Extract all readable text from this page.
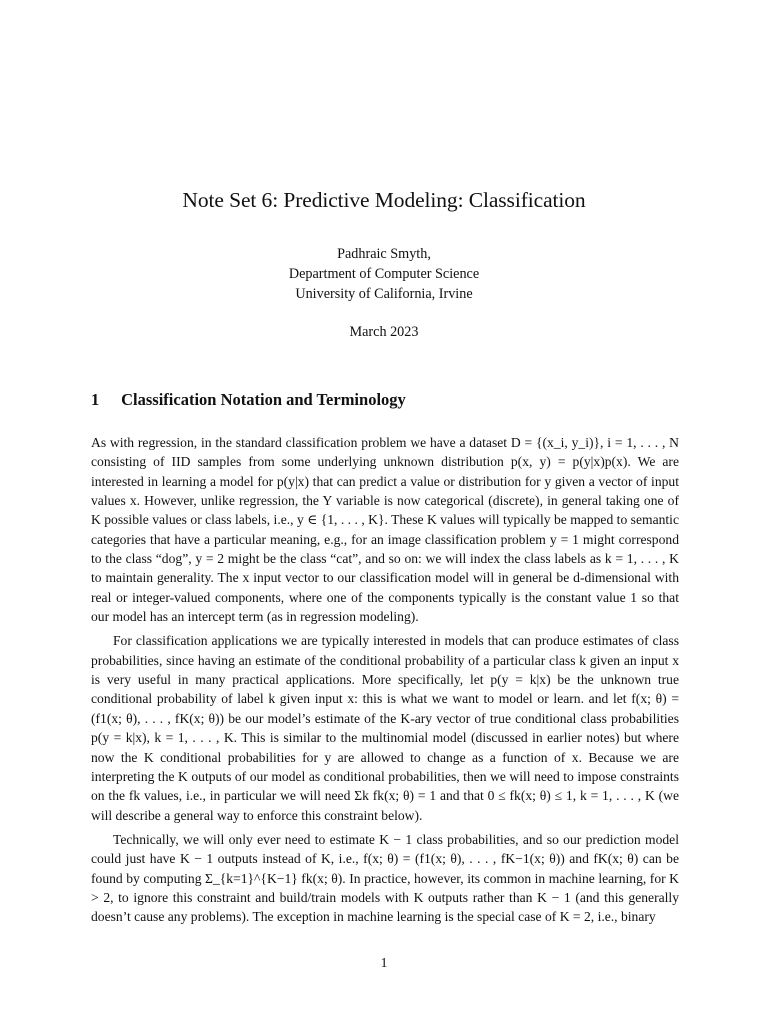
Note Set 6: Predictive Modeling: Classification
Padhraic Smyth,
Department of Computer Science
University of California, Irvine
March 2023
1 Classification Notation and Terminology

As with regression, in the standard classification problem we have a dataset D = {(x_i, y_i)}, i = 1, . . . , N consisting of IID samples from some underlying unknown distribution p(x, y) = p(y|x)p(x). We are interested in learning a model for p(y|x) that can predict a value or distribution for y given a vector of input values x. However, unlike regression, the Y variable is now categorical (discrete), in general taking one of K possible values or class labels, i.e., y ∈ {1, . . . , K}. These K values will typically be mapped to semantic categories that have a particular meaning, e.g., for an image classification problem y = 1 might correspond to the class “dog”, y = 2 might be the class “cat”, and so on: we will index the class labels as k = 1, . . . , K to maintain generality. The x input vector to our classification model will in general be d-dimensional with real or integer-valued components, where one of the components typically is the constant value 1 so that our model has an intercept term (as in regression modeling).

For classification applications we are typically interested in models that can produce estimates of class probabilities, since having an estimate of the conditional probability of a particular class k given an input x is very useful in many practical applications. More specifically, let p(y = k|x) be the unknown true conditional probability of label k given input x: this is what we want to model or learn. and let f(x; θ) = (f1(x; θ), . . . , fK(x; θ)) be our model’s estimate of the K-ary vector of true conditional class probabilities p(y = k|x), k = 1, . . . , K. This is similar to the multinomial model (discussed in earlier notes) but where now the K conditional probabilities for y are allowed to change as a function of x. Because we are interpreting the K outputs of our model as conditional probabilities, then we will need to impose constraints on the fk values, i.e., in particular we will need Σk fk(x; θ) = 1 and that 0 ≤ fk(x; θ) ≤ 1, k = 1, . . . , K (we will describe a general way to enforce this constraint below).

Technically, we will only ever need to estimate K − 1 class probabilities, and so our prediction model could just have K − 1 outputs instead of K, i.e., f(x; θ) = (f1(x; θ), . . . , fK−1(x; θ)) and fK(x; θ) can be found by computing Σ_{k=1}^{K−1} fk(x; θ). In practice, however, its common in machine learning, for K > 2, to ignore this constraint and build/train models with K outputs rather than K − 1 (and this generally doesn’t cause any problems). The exception in machine learning is the special case of K = 2, i.e., binary

1
